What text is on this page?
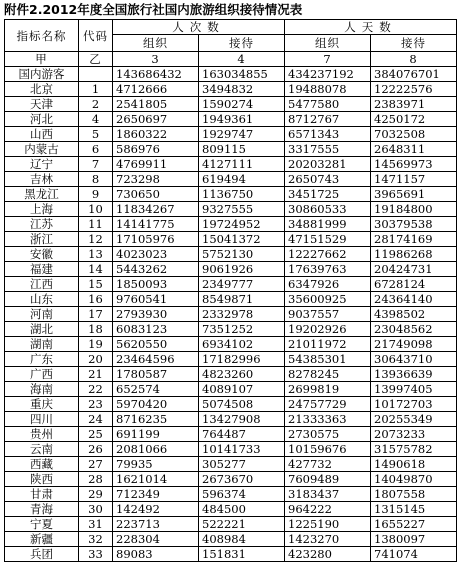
附件2.2012年度全国旅行社国内旅游组织接待情况表
指标名称	代码	人次数		人天数	
		组织	接待	组织	接待
甲	乙	3	4	7	8
国内游客		143686432	163034855	434237192	384076701
北京	1	4712666	3494832	19488078	12222576
天津	2	2541805	1590274	5477580	2383971
河北	4	2650697	1949361	8712767	4250172
山西	5	1860322	1929747	6571343	7032508
内蒙古	6	586976	809115	3317555	2648311
辽宁	7	4769911	4127111	20203281	14569973
吉林	8	723298	619494	2650743	1471157
黑龙江	9	730650	1136750	3451725	3965691
上海	10	11834267	9327555	30860533	19184800
江苏	11	14141775	19724952	34881999	30379538
浙江	12	17105976	15041372	47151529	28174169
安徽	13	4023023	5752130	12227662	11986268
福建	14	5443262	9061926	17639763	20424731
江西	15	1850093	2349777	6347926	6728124
山东	16	9760541	8549871	35600925	24364140
河南	17	2793930	2332978	9037557	4398502
湖北	18	6083123	7351252	19202926	23048562
湖南	19	5620550	6934102	21011972	21749098
广东	20	23464596	17182996	54385301	30643710
广西	21	1780587	4823260	8278245	13936639
海南	22	652574	4089107	2699819	13997405
重庆	23	5970420	5074508	24757729	10172703
四川	24	8716235	13427908	21333363	20255349
贵州	25	691199	764487	2730575	2073233
云南	26	2081066	10141733	10159676	31575782
西藏	27	79935	305277	427732	1490618
陕西	28	1621014	2673670	7609489	14049870
甘肃	29	712349	596374	3183437	1807558
青海	30	142492	484500	964222	1315145
宁夏	31	223713	522221	1225190	1655227
新疆	32	228304	408984	1423270	1380097
兵团	33	89083	151831	423280	741074
